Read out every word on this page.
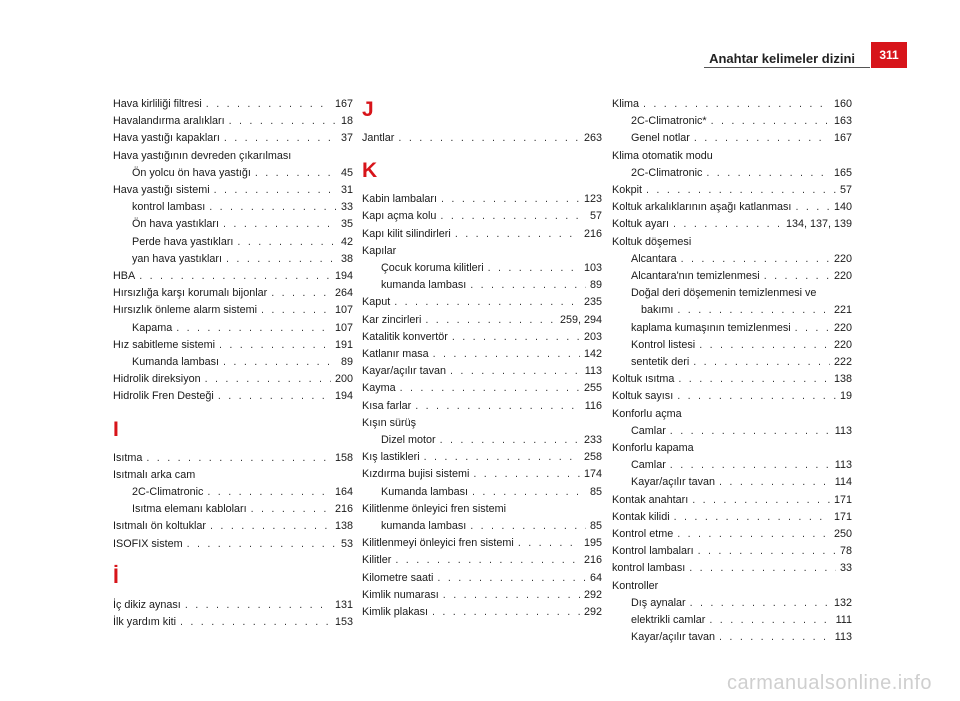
Anahtar kelimeler dizini	311
Hava kirliliği filtresi . . .	167
Havalandırma aralıkları . . .	18
Hava yastığı kapakları . . .	37
Hava yastığının devreden çıkarılması
Ön yolcu ön hava yastığı . . .	45
Hava yastığı sistemi . . .	31
kontrol lambası . . .	33
Ön hava yastıkları . . .	35
Perde hava yastıkları . . .	42
yan hava yastıkları . . .	38
HBA . . .	194
Hırsızlığa karşı korumalı bijonlar . . .	264
Hırsızlık önleme alarm sistemi . . .	107
Kapama . . .	107
Hız sabitleme sistemi . . .	191
Kumanda lambası . . .	89
Hidrolik direksiyon . . .	200
Hidrolik Fren Desteği . . .	194
I
Isıtma . . .	158
Isıtmalı arka cam
2C-Climatronic . . .	164
Isıtma elemanı kabloları . . .	216
Isıtmalı ön koltuklar . . .	138
ISOFIX sistem . . .	53
İ
İç dikiz aynası . . .	131
İlk yardım kiti . . .	153
J
Jantlar . . .	263
K
Kabin lambaları . . .	123
Kapı açma kolu . . .	57
Kapı kilit silindirleri . . .	216
Kapılar
Çocuk koruma kilitleri . . .	103
kumanda lambası . . .	89
Kaput . . .	235
Kar zincirleri . . .	259, 294
Katalitik konvertör . . .	203
Katlanır masa . . .	142
Kayar/açılır tavan . . .	113
Kayma . . .	255
Kısa farlar . . .	116
Kışın sürüş
Dizel motor . . .	233
Kış lastikleri . . .	258
Kızdırma bujisi sistemi . . .	174
Kumanda lambası . . .	85
Kilitlenme önleyici fren sistemi
kumanda lambası . . .	85
Kilitlenmeyi önleyici fren sistemi . . .	195
Kilitler . . .	216
Kilometre saati . . .	64
Kimlik numarası . . .	292
Kimlik plakası . . .	292
Klima . . .	160
2C-Climatronic* . . .	163
Genel notlar . . .	167
Klima otomatik modu
2C-Climatronic . . .	165
Kokpit . . .	57
Koltuk arkalıklarının aşağı katlanması . . .	140
Koltuk ayarı . . .	134, 137, 139
Koltuk döşemesi
Alcantara . . .	220
Alcantara'nın temizlenmesi . . .	220
Doğal deri döşemenin temizlenmesi ve
bakımı . . .	221
kaplama kumaşının temizlenmesi . . .	220
Kontrol listesi . . .	220
sentetik deri . . .	222
Koltuk ısıtma . . .	138
Koltuk sayısı . . .	19
Konforlu açma
Camlar . . .	113
Konforlu kapama
Camlar . . .	113
Kayar/açılır tavan . . .	114
Kontak anahtarı . . .	171
Kontak kilidi . . .	171
Kontrol etme . . .	250
Kontrol lambaları . . .	78
kontrol lambası . . .	33
Kontroller
Dış aynalar . . .	132
elektrikli camlar . . .	111
Kayar/açılır tavan . . .	113
carmanualsonline.info
